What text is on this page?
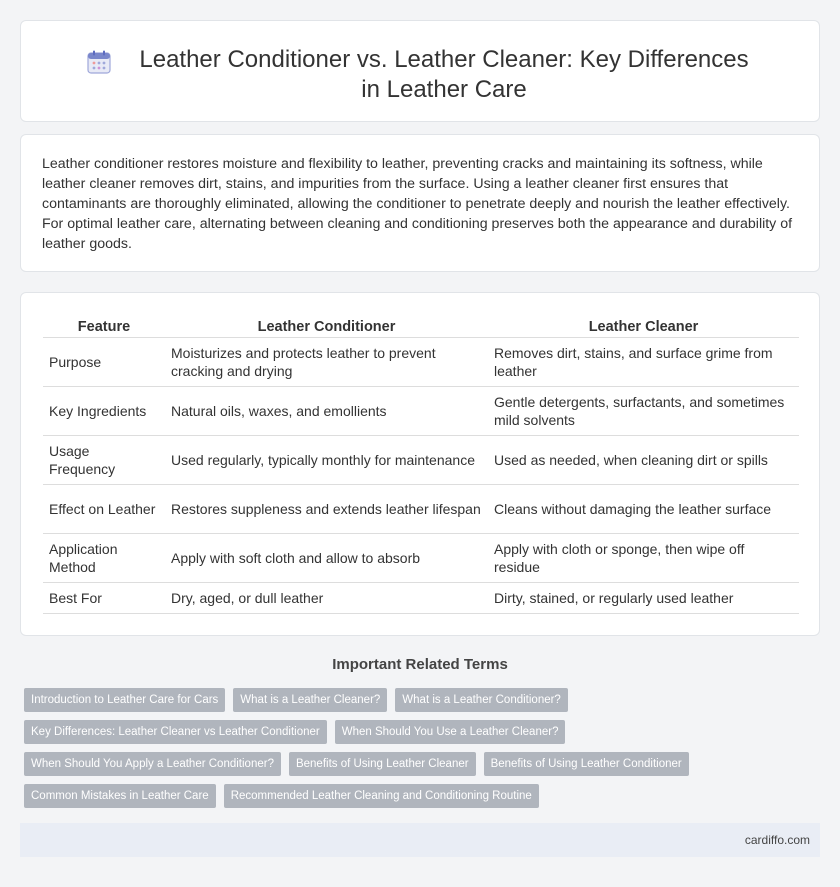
Leather Conditioner vs. Leather Cleaner: Key Differences in Leather Care

Leather conditioner restores moisture and flexibility to leather, preventing cracks and maintaining its softness, while leather cleaner removes dirt, stains, and impurities from the surface. Using a leather cleaner first ensures that contaminants are thoroughly eliminated, allowing the conditioner to penetrate deeply and nourish the leather effectively. For optimal leather care, alternating between cleaning and conditioning preserves both the appearance and durability of leather goods.

Feature	Leather Conditioner	Leather Cleaner
Purpose	Moisturizes and protects leather to prevent cracking and drying	Removes dirt, stains, and surface grime from leather
Key Ingredients	Natural oils, waxes, and emollients	Gentle detergents, surfactants, and sometimes mild solvents
Usage Frequency	Used regularly, typically monthly for maintenance	Used as needed, when cleaning dirt or spills
Effect on Leather	Restores suppleness and extends leather lifespan	Cleans without damaging the leather surface
Application Method	Apply with soft cloth and allow to absorb	Apply with cloth or sponge, then wipe off residue
Best For	Dry, aged, or dull leather	Dirty, stained, or regularly used leather
Important Related Terms
Introduction to Leather Care for Cars	What is a Leather Cleaner?	What is a Leather Conditioner?
Key Differences: Leather Cleaner vs Leather Conditioner	When Should You Use a Leather Cleaner?
When Should You Apply a Leather Conditioner?	Benefits of Using Leather Cleaner	Benefits of Using Leather Conditioner
Common Mistakes in Leather Care	Recommended Leather Cleaning and Conditioning Routine
cardiffo.com
